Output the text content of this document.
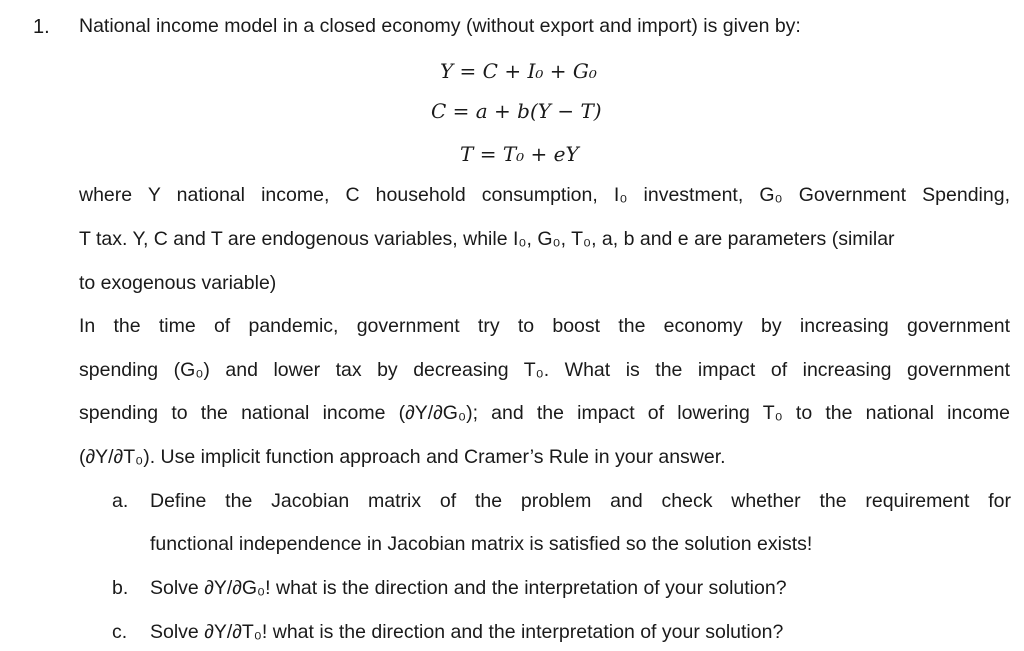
1. National income model in a closed economy (without export and import) is given by:
Y = C + I₀ + G₀
C = a + b(Y − T)
T = T₀ + eY
where Y national income, C household consumption, I₀ investment, G₀ Government Spending,
T tax. Y, C and T are endogenous variables, while I₀, G₀, T₀, a, b and e are parameters (similar
to exogenous variable)
In the time of pandemic, government try to boost the economy by increasing government
spending (G₀) and lower tax by decreasing T₀. What is the impact of increasing government
spending to the national income (∂Y/∂G₀); and the impact of lowering T₀ to the national income
(∂Y/∂T₀). Use implicit function approach and Cramer’s Rule in your answer.
a. Define the Jacobian matrix of the problem and check whether the requirement for
functional independence in Jacobian matrix is satisfied so the solution exists!
b. Solve ∂Y/∂G₀! what is the direction and the interpretation of your solution?
c. Solve ∂Y/∂T₀! what is the direction and the interpretation of your solution?
